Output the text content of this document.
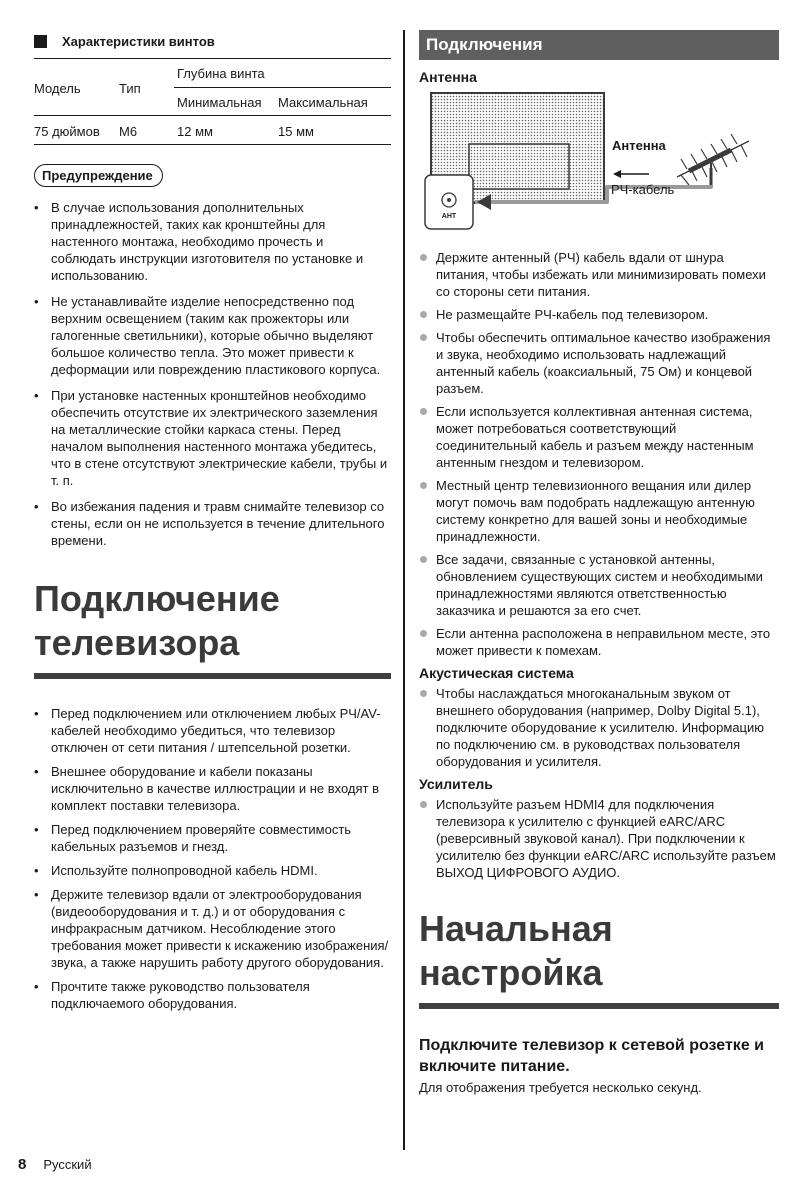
Характеристики винтов
Модель	Тип
Глубина винта
Минимальная Максимальная
75 дюймов M6	12 мм	15 мм
Предупреждение
• В случае использования дополнительных принадлежностей, таких как кронштейны для настенного монтажа, необходимо прочесть и соблюдать инструкции изготовителя по установке и использованию.
• Не устанавливайте изделие непосредственно под верхним освещением (таким как прожекторы или галогенные светильники), которые обычно выделяют большое количество тепла. Это может привести к деформации или повреждению пластикового корпуса.
• При установке настенных кронштейнов необходимо обеспечить отсутствие их электрического заземления на металлические стойки каркаса стены. Перед началом выполнения настенного монтажа убедитесь, что в стене отсутствуют электрические кабели, трубы и т. п.
• Во избежания падения и травм снимайте телевизор со стены, если он не используется в течение длительного времени.
Подключение
телевизора
• Перед подключением или отключением любых РЧ/AV-кабелей необходимо убедиться, что телевизор отключен от сети питания / штепсельной розетки.
• Внешнее оборудование и кабели показаны исключительно в качестве иллюстрации и не входят в комплект поставки телевизора.
• Перед подключением проверяйте совместимость кабельных разъемов и гнезд.
• Используйте полнопроводной кабель HDMI.
• Держите телевизор вдали от электрооборудования (видеооборудования и т. д.) и от оборудования с инфракрасным датчиком. Несоблюдение этого требования может привести к искажению изображения/звука, а также нарушить работу другого оборудования.
• Прочтите также руководство пользователя подключаемого оборудования.
Подключения
Антенна
Антенна
РЧ-кабель
АНТ
Держите антенный (РЧ) кабель вдали от шнура питания, чтобы избежать или минимизировать помехи со стороны сети питания.
Не размещайте РЧ-кабель под телевизором.
Чтобы обеспечить оптимальное качество изображения и звука, необходимо использовать надлежащий антенный кабель (коаксиальный, 75 Ом) и концевой разъем.
Если используется коллективная антенная система, может потребоваться соответствующий соединительный кабель и разъем между настенным антенным гнездом и телевизором.
Местный центр телевизионного вещания или дилер могут помочь вам подобрать надлежащую антенную систему конкретно для вашей зоны и необходимые принадлежности.
Все задачи, связанные с установкой антенны, обновлением существующих систем и необходимыми принадлежностями являются ответственностью заказчика и решаются за его счет.
Если антенна расположена в неправильном месте, это может привести к помехам.
Акустическая система
Чтобы наслаждаться многоканальным звуком от внешнего оборудования (например, Dolby Digital 5.1), подключите оборудование к усилителю. Информацию по подключению см. в руководствах пользователя оборудования и усилителя.
Усилитель
Используйте разъем HDMI4 для подключения телевизора к усилителю с функцией eARC/ARC (реверсивный звуковой канал). При подключении к усилителю без функции eARC/ARC используйте разъем ВЫХОД ЦИФРОВОГО АУДИО.
Начальная
настройка
Подключите телевизор к сетевой розетке и включите питание.
Для отображения требуется несколько секунд.
8 Русский
